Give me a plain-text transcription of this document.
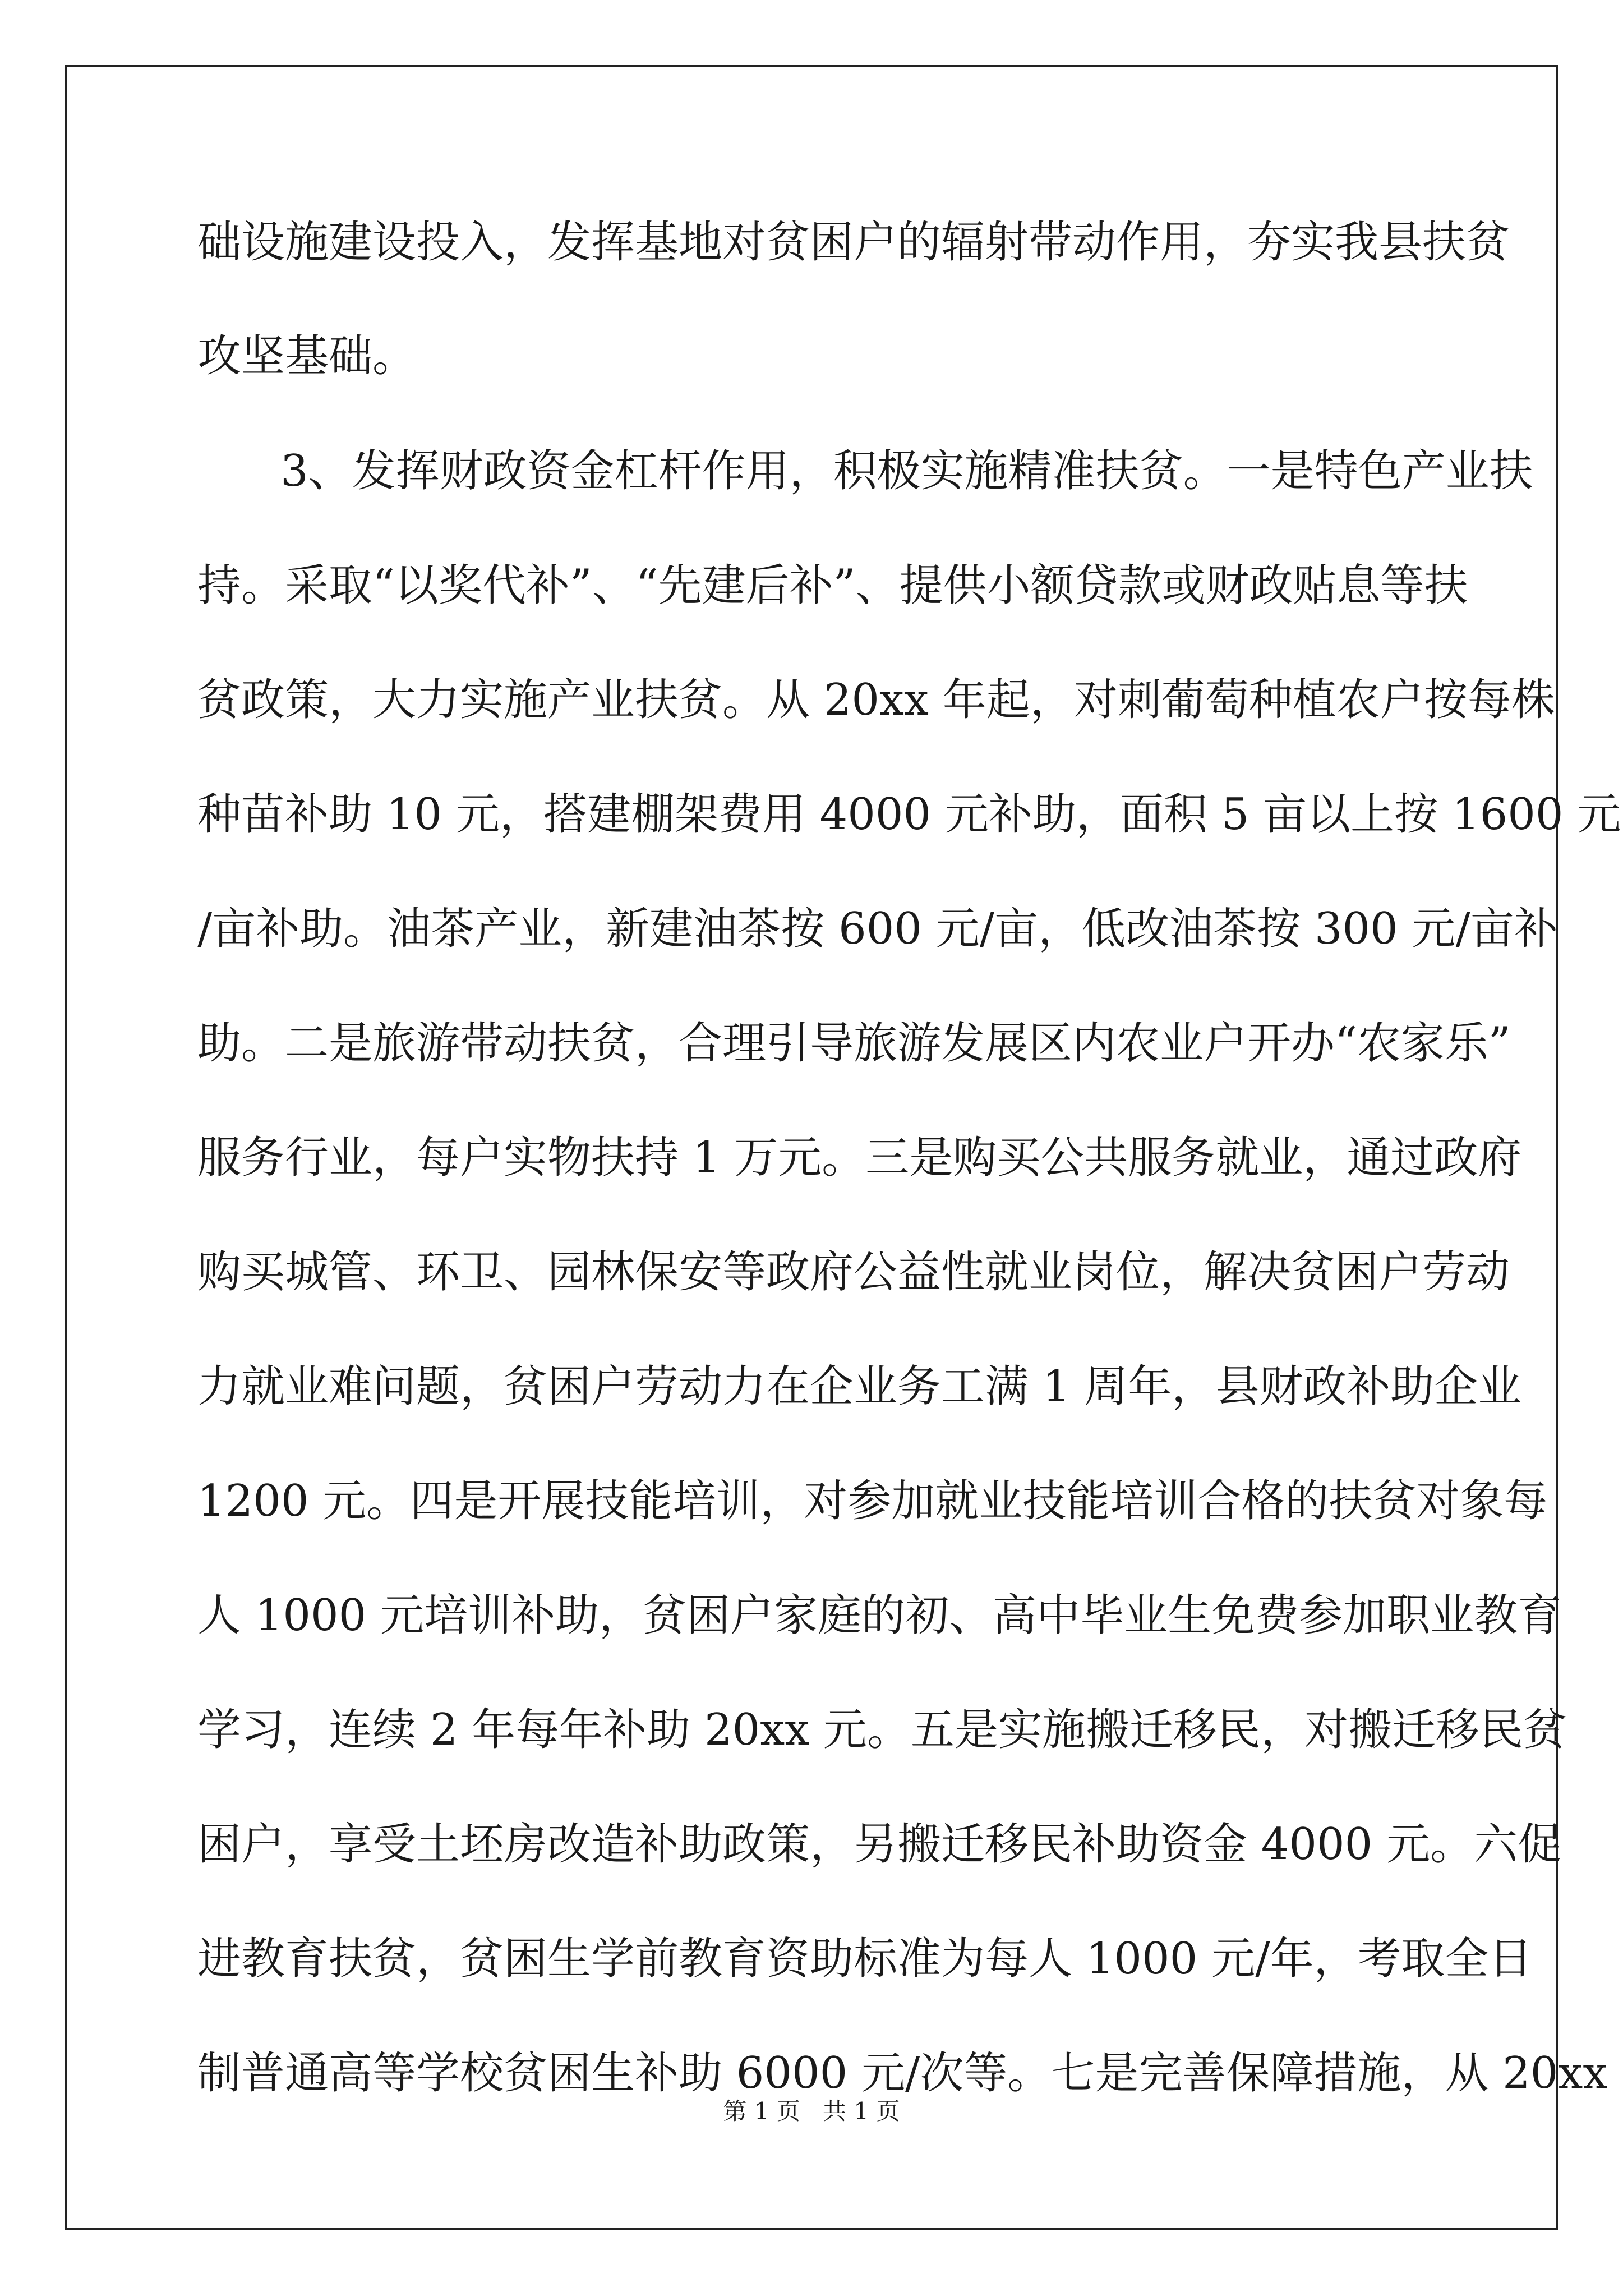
础设施建设投入，发挥基地对贫困户的辐射带动作用，夯实我县扶贫
攻坚基础。
3、发挥财政资金杠杆作用，积极实施精准扶贫。一是特色产业扶
持。采取“以奖代补”、“先建后补”、提供小额贷款或财政贴息等扶
贫政策，大力实施产业扶贫。从 20xx 年起，对刺葡萄种植农户按每株
种苗补助 10 元，搭建棚架费用 4000 元补助，面积 5 亩以上按 1600 元
/亩补助。油茶产业，新建油茶按 600 元/亩，低改油茶按 300 元/亩补
助。二是旅游带动扶贫，合理引导旅游发展区内农业户开办“农家乐”
服务行业，每户实物扶持 1 万元。三是购买公共服务就业，通过政府
购买城管、环卫、园林保安等政府公益性就业岗位，解决贫困户劳动
力就业难问题，贫困户劳动力在企业务工满 1 周年，县财政补助企业
1200 元。四是开展技能培训，对参加就业技能培训合格的扶贫对象每
人 1000 元培训补助，贫困户家庭的初、高中毕业生免费参加职业教育
学习，连续 2 年每年补助 20xx 元。五是实施搬迁移民，对搬迁移民贫
困户，享受土坯房改造补助政策，另搬迁移民补助资金 4000 元。六促
进教育扶贫，贫困生学前教育资助标准为每人 1000 元/年，考取全日
制普通高等学校贫困生补助 6000 元/次等。七是完善保障措施，从 20xx
第 1 页   共 1 页
